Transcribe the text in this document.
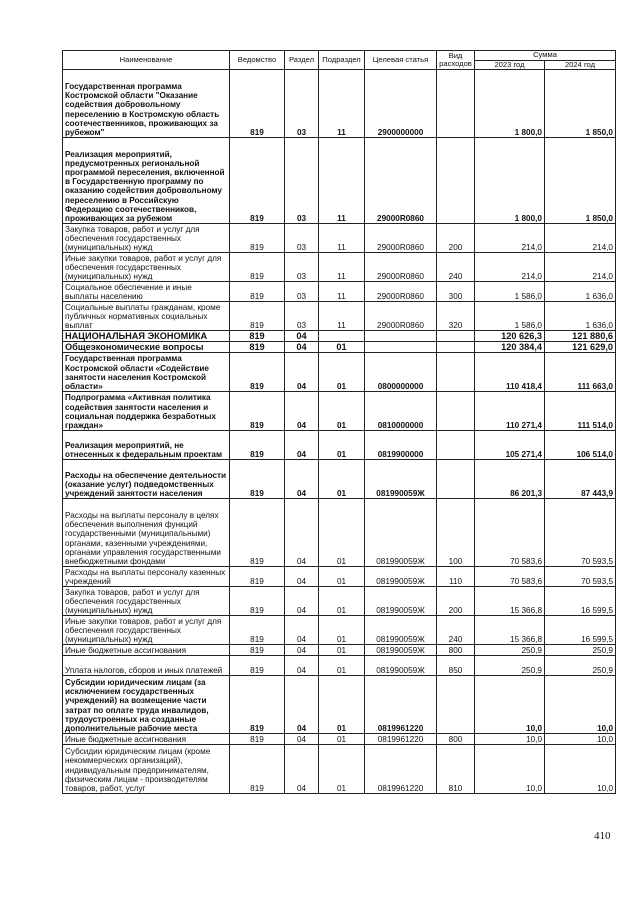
Наименование	Ведомство	Раздел	Подраздел	Целевая статья	Вид расходов	Сумма	
						2023 год	2024 год
Государственная программа Костромской области "Оказание содействия добровольному переселению в Костромскую область соотечественников, проживающих за рубежом"	819	03	11	2900000000		1 800,0	1 850,0
Реализация мероприятий, предусмотренных региональной программой переселения, включенной в Государственную программу по оказанию содействия добровольному переселению в Российскую Федерацию соотечественников, проживающих за рубежом	819	03	11	29000R0860		1 800,0	1 850,0
Закупка товаров, работ и услуг для обеспечения государственных (муниципальных) нужд	819	03	11	29000R0860	200	214,0	214,0
Иные закупки товаров, работ и услуг для обеспечения государственных (муниципальных) нужд	819	03	11	29000R0860	240	214,0	214,0
Социальное обеспечение и иные выплаты населению	819	03	11	29000R0860	300	1 586,0	1 636,0
Социальные выплаты гражданам, кроме публичных нормативных социальных выплат	819	03	11	29000R0860	320	1 586,0	1 636,0
НАЦИОНАЛЬНАЯ ЭКОНОМИКА	819	04				120 626,3	121 880,6
Общеэкономические вопросы	819	04	01			120 384,4	121 629,0
Государственная программа Костромской области «Содействие занятости населения Костромской области»	819	04	01	0800000000		110 418,4	111 663,0
Подпрограмма «Активная политика содействия занятости населения и социальная поддержка безработных граждан»	819	04	01	0810000000		110 271,4	111 514,0
Реализация мероприятий, не отнесенных к федеральным проектам	819	04	01	0819900000		105 271,4	106 514,0
Расходы на обеспечение деятельности (оказание услуг) подведомственных учреждений занятости населения	819	04	01	081990059Ж		86 201,3	87 443,9
Расходы на выплаты персоналу в целях обеспечения выполнения функций государственными (муниципальными) органами, казенными учреждениями, органами управления государственными внебюджетными фондами	819	04	01	081990059Ж	100	70 583,6	70 593,5
Расходы на выплаты персоналу казенных учреждений	819	04	01	081990059Ж	110	70 583,6	70 593,5
Закупка товаров, работ и услуг для обеспечения государственных (муниципальных) нужд	819	04	01	081990059Ж	200	15 366,8	16 599,5
Иные закупки товаров, работ и услуг для обеспечения государственных (муниципальных) нужд	819	04	01	081990059Ж	240	15 366,8	16 599,5
Иные бюджетные ассигнования	819	04	01	081990059Ж	800	250,9	250,9
Уплата налогов, сборов и иных платежей	819	04	01	081990059Ж	850	250,9	250,9
Субсидии юридическим лицам (за исключением государственных учреждений) на возмещение части затрат по оплате труда инвалидов, трудоустроенных на созданные дополнительные рабочие места	819	04	01	0819961220		10,0	10,0
Иные бюджетные ассигнования	819	04	01	0819961220	800	10,0	10,0
Субсидии юридическим лицам (кроме некоммерческих организаций), индивидуальным предпринимателям, физическим лицам - производителям товаров, работ, услуг	819	04	01	0819961220	810	10,0	10,0
410
